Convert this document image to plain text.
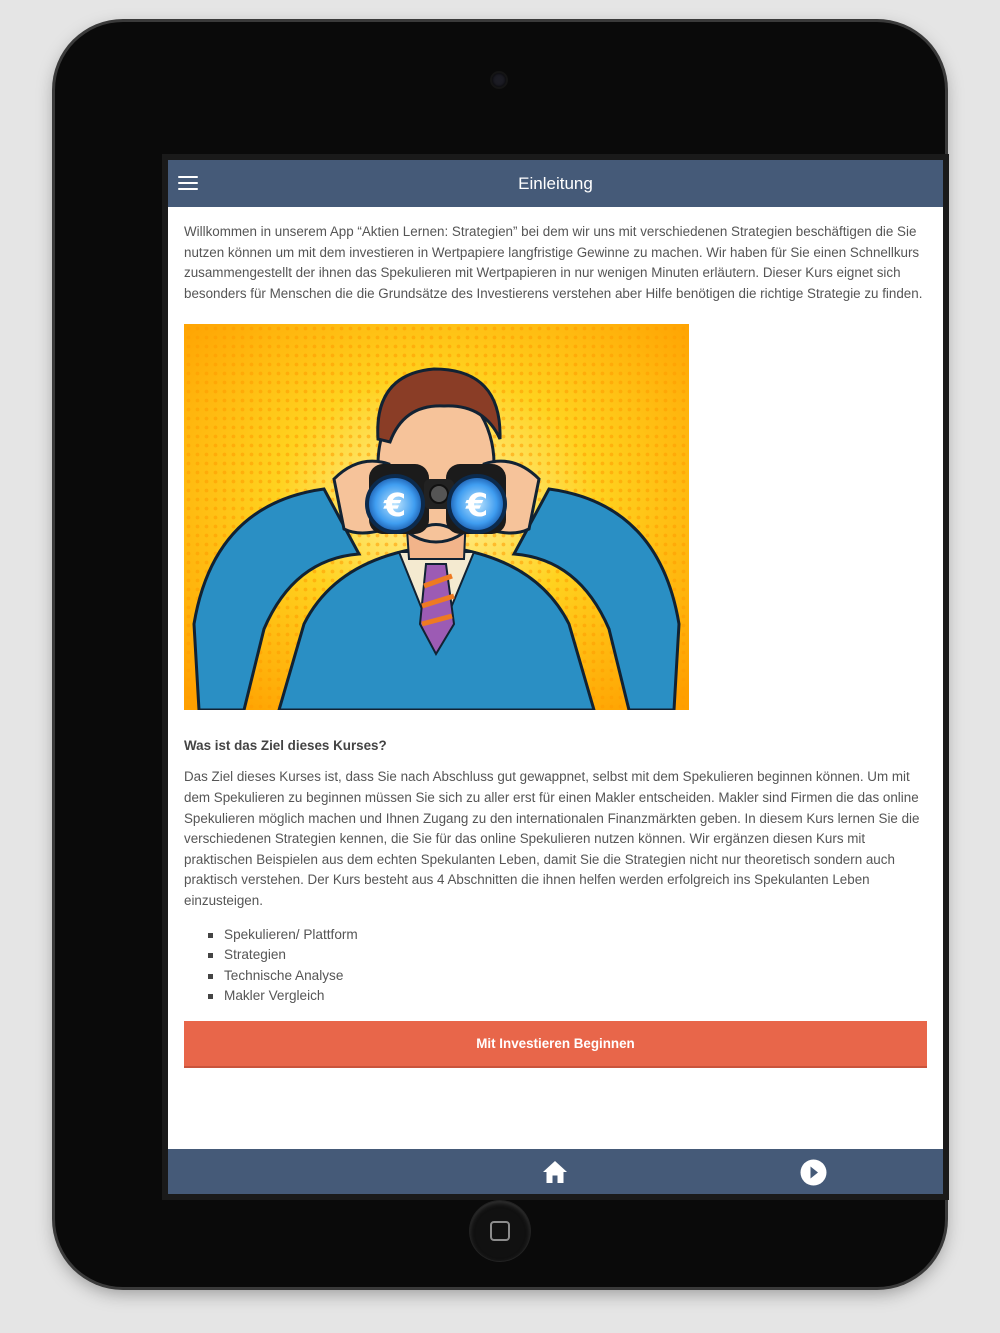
Einleitung

Willkommen in unserem App “Aktien Lernen: Strategien” bei dem wir uns mit verschiedenen Strategien beschäftigen die Sie nutzen können um mit dem investieren in Wertpapiere langfristige Gewinne zu machen. Wir haben für Sie einen Schnellkurs zusammengestellt der ihnen das Spekulieren mit Wertpapieren in nur wenigen Minuten erläutern. Dieser Kurs eignet sich besonders für Menschen die die Grundsätze des Investierens verstehen aber Hilfe benötigen die richtige Strategie zu finden.

€ €

Was ist das Ziel dieses Kurses?

Das Ziel dieses Kurses ist, dass Sie nach Abschluss gut gewappnet, selbst mit dem Spekulieren beginnen können. Um mit dem Spekulieren zu beginnen müssen Sie sich zu aller erst für einen Makler entscheiden. Makler sind Firmen die das online Spekulieren möglich machen und Ihnen Zugang zu den internationalen Finanzmärkten geben. In diesem Kurs lernen Sie die verschiedenen Strategien kennen, die Sie für das online Spekulieren nutzen können. Wir ergänzen diesen Kurs mit praktischen Beispielen aus dem echten Spekulanten Leben, damit Sie die Strategien nicht nur theoretisch sondern auch praktisch verstehen. Der Kurs besteht aus 4 Abschnitten die ihnen helfen werden erfolgreich ins Spekulanten Leben einzusteigen.

Spekulieren/ Plattform
Strategien
Technische Analyse
Makler Vergleich
Mit Investieren Beginnen
